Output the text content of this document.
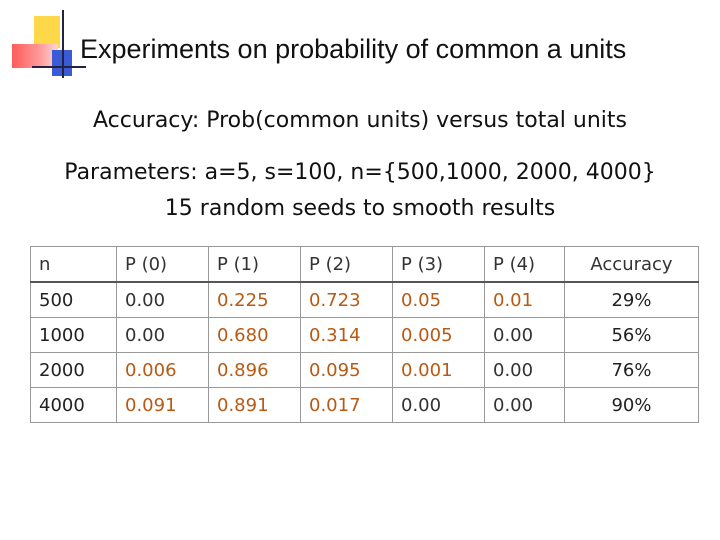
Experiments on probability of common a units
Accuracy: Prob(common units) versus total units
Parameters: a=5, s=100, n={500,1000, 2000, 4000}
15 random seeds to smooth results
n	P (0)	P (1)	P (2)	P (3)	P (4)	Accuracy
500	0.00	0.225	0.723	0.05	0.01	29%
1000	0.00	0.680	0.314	0.005	0.00	56%
2000	0.006	0.896	0.095	0.001	0.00	76%
4000	0.091	0.891	0.017	0.00	0.00	90%
